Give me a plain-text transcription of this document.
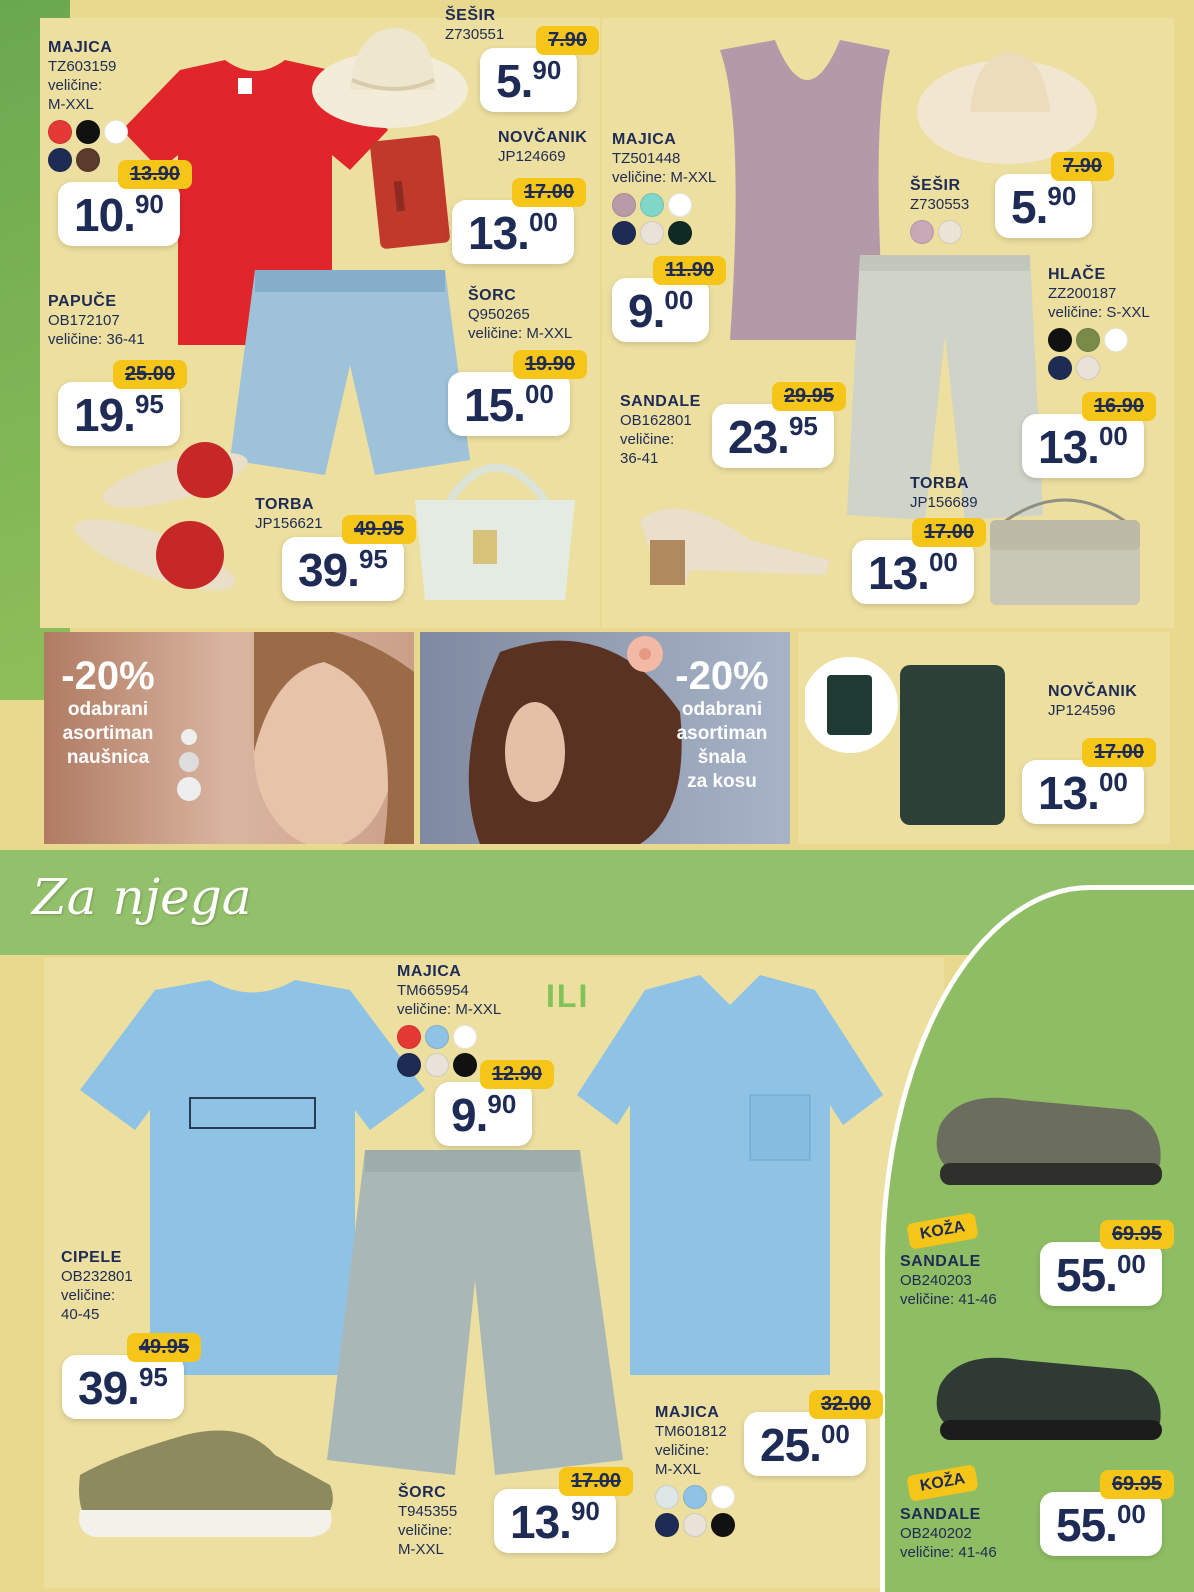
MAJICA
TZ603159
veličine:
M-XXL
13.90
10.90
ŠEŠIR
Z730551	7.90
5.90
NOVČANIK
JP124669
17.00
13.00
ŠORC
Q950265
veličine: M-XXL
19.90
15.00
PAPUČE
OB172107
veličine: 36-41
25.00
19.95
TORBA
JP156621	49.95
39.95
MAJICA
TZ501448
veličine: M-XXL
11.90
9.00
ŠEŠIR
Z730553
7.90
5.90
HLAČE
ZZ200187
veličine: S-XXL
16.90
13.00
SANDALE
OB162801
veličine:
36-41
29.95
23.95
TORBA
JP156689
17.00
13.00
-20%
odabrani
asortiman
naušnica
-20%
odabrani
asortiman
šnala
za kosu
NOVČANIK
JP124596
17.00
13.00
Za njega
MAJICA
TM665954
veličine: M-XXL ILI
12.90
9.90
CIPELE
OB232801
veličine:
40-45
49.95
39.95
ŠORC
T945355
veličine:
M-XXL
17.00
13.90
MAJICA
TM601812
veličine:
M-XXL
32.00
25.00
KOŽA
SANDALE
OB240203
veličine: 41-46
69.95
55.00
KOŽA
SANDALE
OB240202
veličine: 41-46
69.95
55.00
